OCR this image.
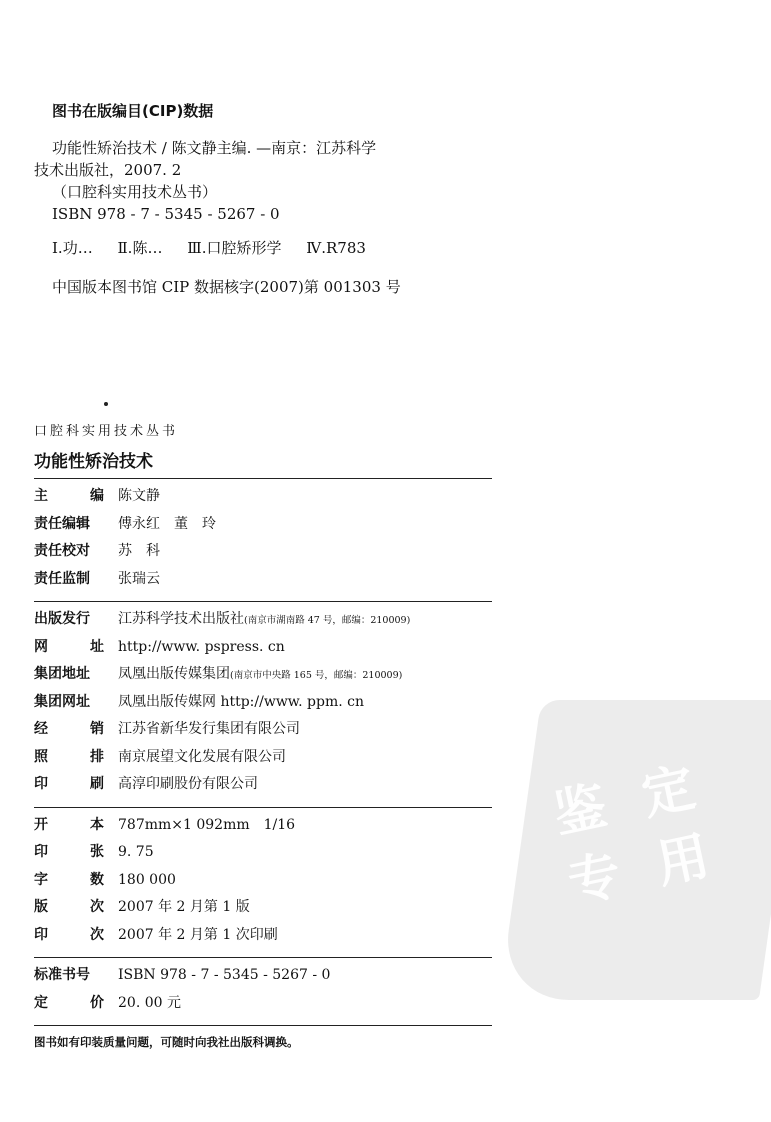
图书在版编目(CIP)数据

功能性矫治技术 / 陈文静主编. —南京：江苏科学

技术出版社，2007. 2

（口腔科实用技术丛书）

ISBN 978 - 7 - 5345 - 5267 - 0

Ⅰ.功… Ⅱ.陈… Ⅲ.口腔矫形学 Ⅳ.R783

中国版本图书馆 CIP 数据核字(2007)第 001303 号

口腔科实用技术丛书

功能性矫治技术

主	编	陈文静
责任编辑	傅永红　董　玲
责任校对	苏　科
责任监制	张瑞云
出版发行	江苏科学技术出版社 (南京市湖南路 47 号，邮编：210009)
网	址	http://www. pspress. cn
集团地址	凤凰出版传媒集团 (南京市中央路 165 号，邮编：210009)
集团网址	凤凰出版传媒网 http://www. ppm. cn
经	销	江苏省新华发行集团有限公司
照	排	南京展望文化发展有限公司
印	刷	高淳印刷股份有限公司
开	本	787mm×1 092mm　1/16
印	张	9. 75
字	数	180 000
版	次	2007 年 2 月第 1 版
印	次	2007 年 2 月第 1 次印刷
标准书号	ISBN 978 - 7 - 5345 - 5267 - 0
定	价	20. 00 元
图书如有印装质量问题，可随时向我社出版科调换。
鉴 定
专 用
